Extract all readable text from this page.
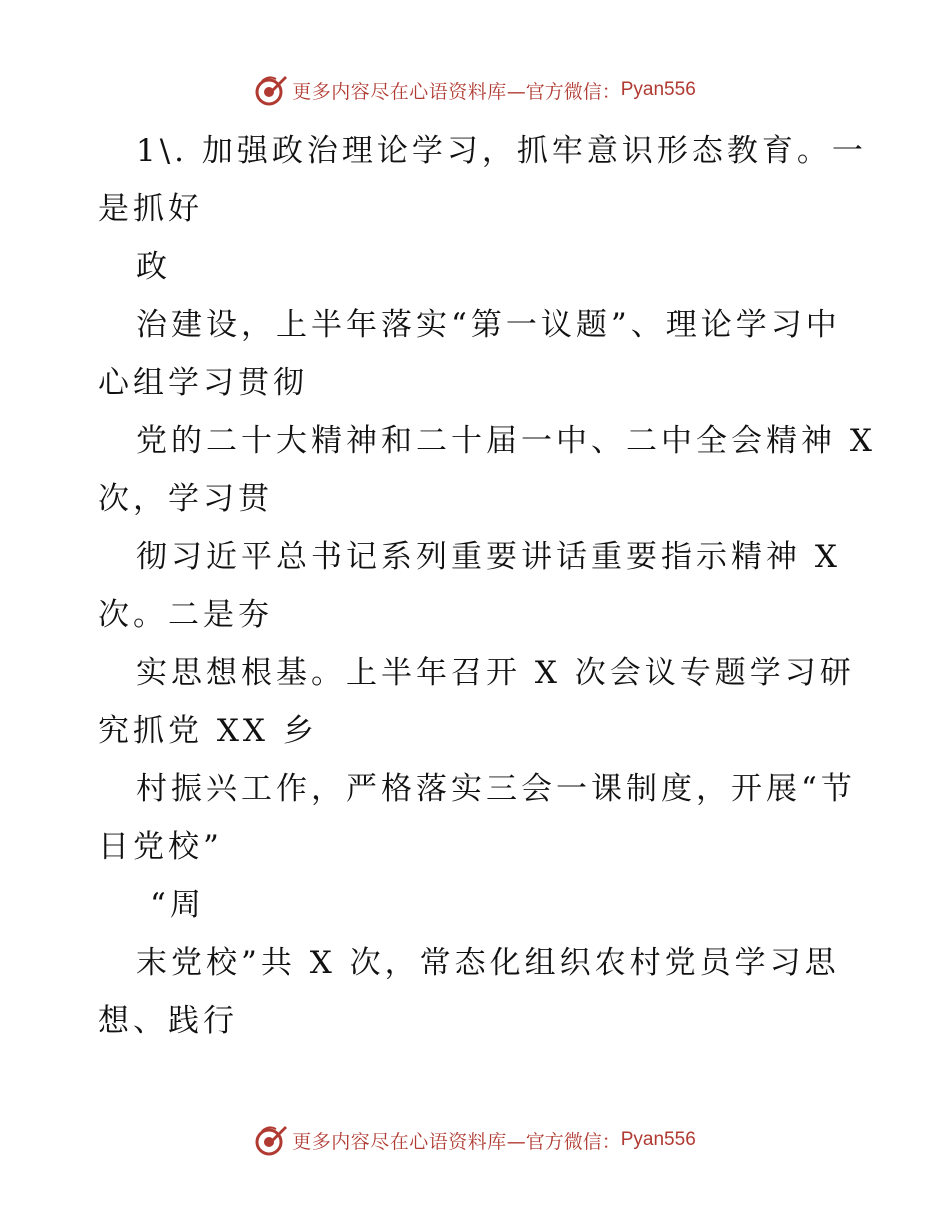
更多内容尽在心语资料库 —官方微信： Pyan556
1\. 加强政治理论学习，抓牢意识形态教育。一
是抓好
政
治建设，上半年落实“第一议题”、理论学习中
心组学习贯彻
党的二十大精神和二十届一中、二中全会精神 X
次，学习贯
彻习近平总书记系列重要讲话重要指示精神 X
次。二是夯
实思想根基。上半年召开 X 次会议专题学习研
究抓党 XX 乡
村振兴工作，严格落实三会一课制度，开展“节
日党校”
“周
末党校”共 X 次，常态化组织农村党员学习思
想、践行
更多内容尽在心语资料库 —官方微信： Pyan556
